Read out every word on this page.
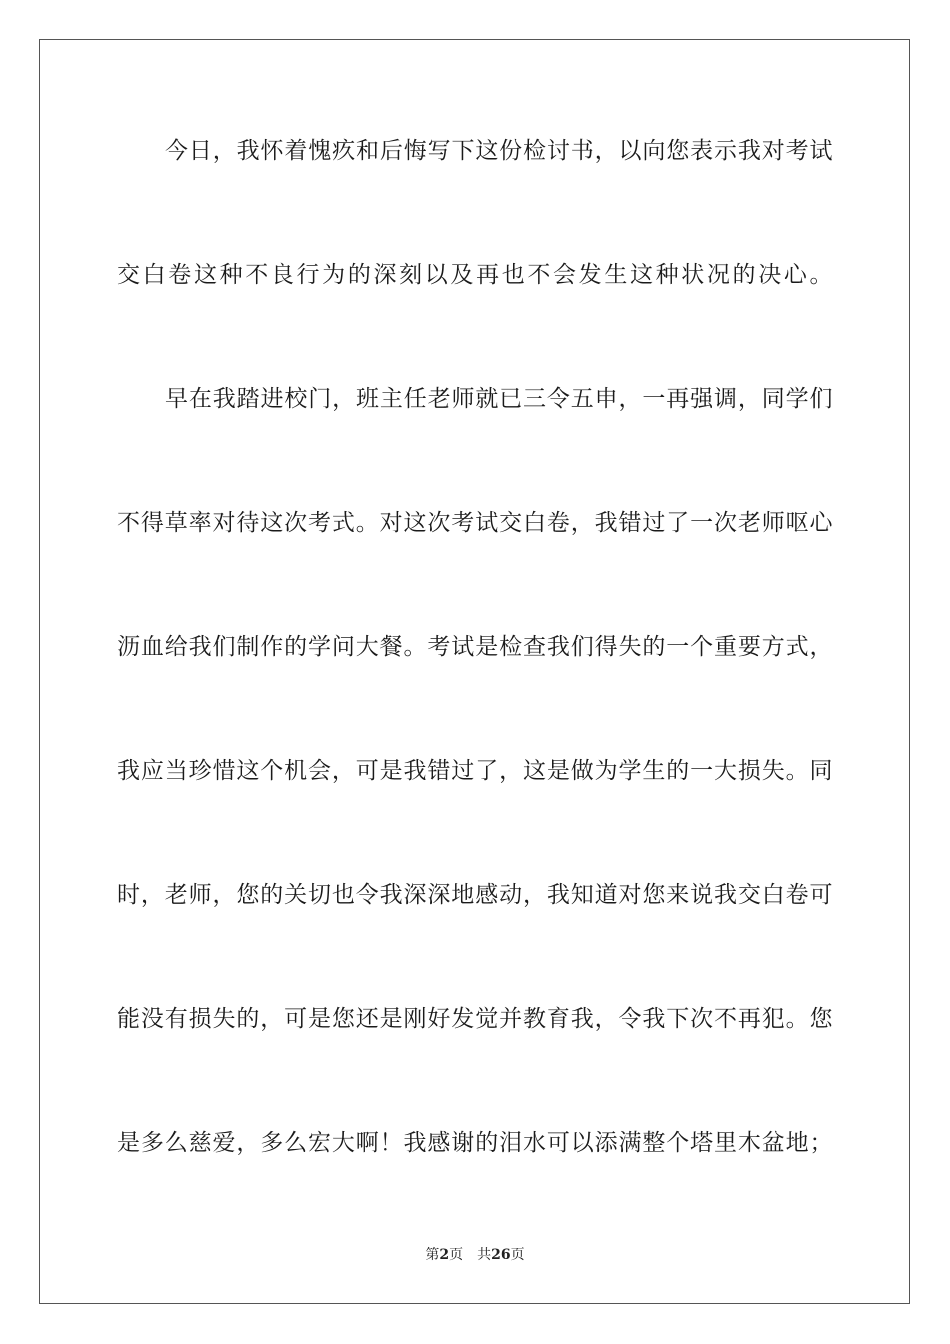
今日，我怀着愧疚和后悔写下这份检讨书，以向您表示我对考试
交白卷这种不良行为的深刻以及再也不会发生这种状况的决心。
早在我踏进校门，班主任老师就已三令五申，一再强调，同学们
不得草率对待这次考式。对这次考试交白卷，我错过了一次老师呕心
沥血给我们制作的学问大餐。考试是检查我们得失的一个重要方式，
我应当珍惜这个机会，可是我错过了，这是做为学生的一大损失。同
时，老师，您的关切也令我深深地感动，我知道对您来说我交白卷可
能没有损失的，可是您还是刚好发觉并教育我，令我下次不再犯。您
是多么慈爱，多么宏大啊！我感谢的泪水可以添满整个塔里木盆地；
第2页 共26页
